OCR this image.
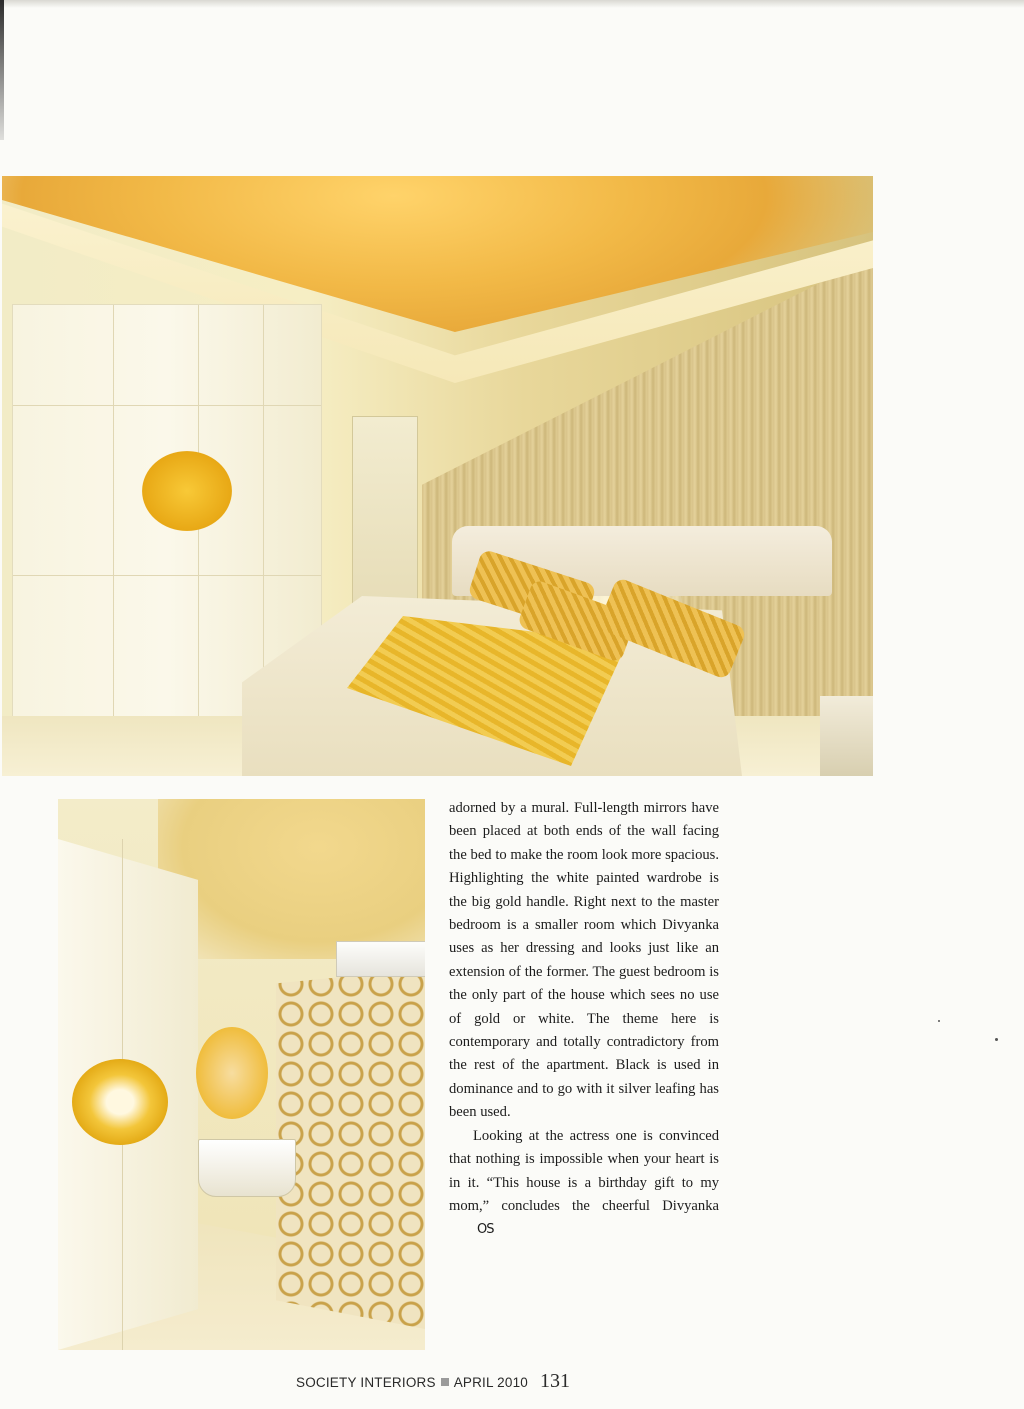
adorned by a mural. Full-length mirrors have been placed at both ends of the wall facing the bed to make the room look more spacious. Highlighting the white painted wardrobe is the big gold handle. Right next to the master bedroom is a smaller room which Divyanka uses as her dressing and looks just like an extension of the former. The guest bedroom is the only part of the house which sees no use of gold or white. The theme here is contemporary and totally contradictory from the rest of the apartment. Black is used in dominance and to go with it silver leafing has been used.

Looking at the actress one is convinced that nothing is impossible when your heart is in it. “This house is a birthday gift to my mom,” concludes the cheerful DivyankaOS

SOCIETY INTERIORS APRIL 2010 131
